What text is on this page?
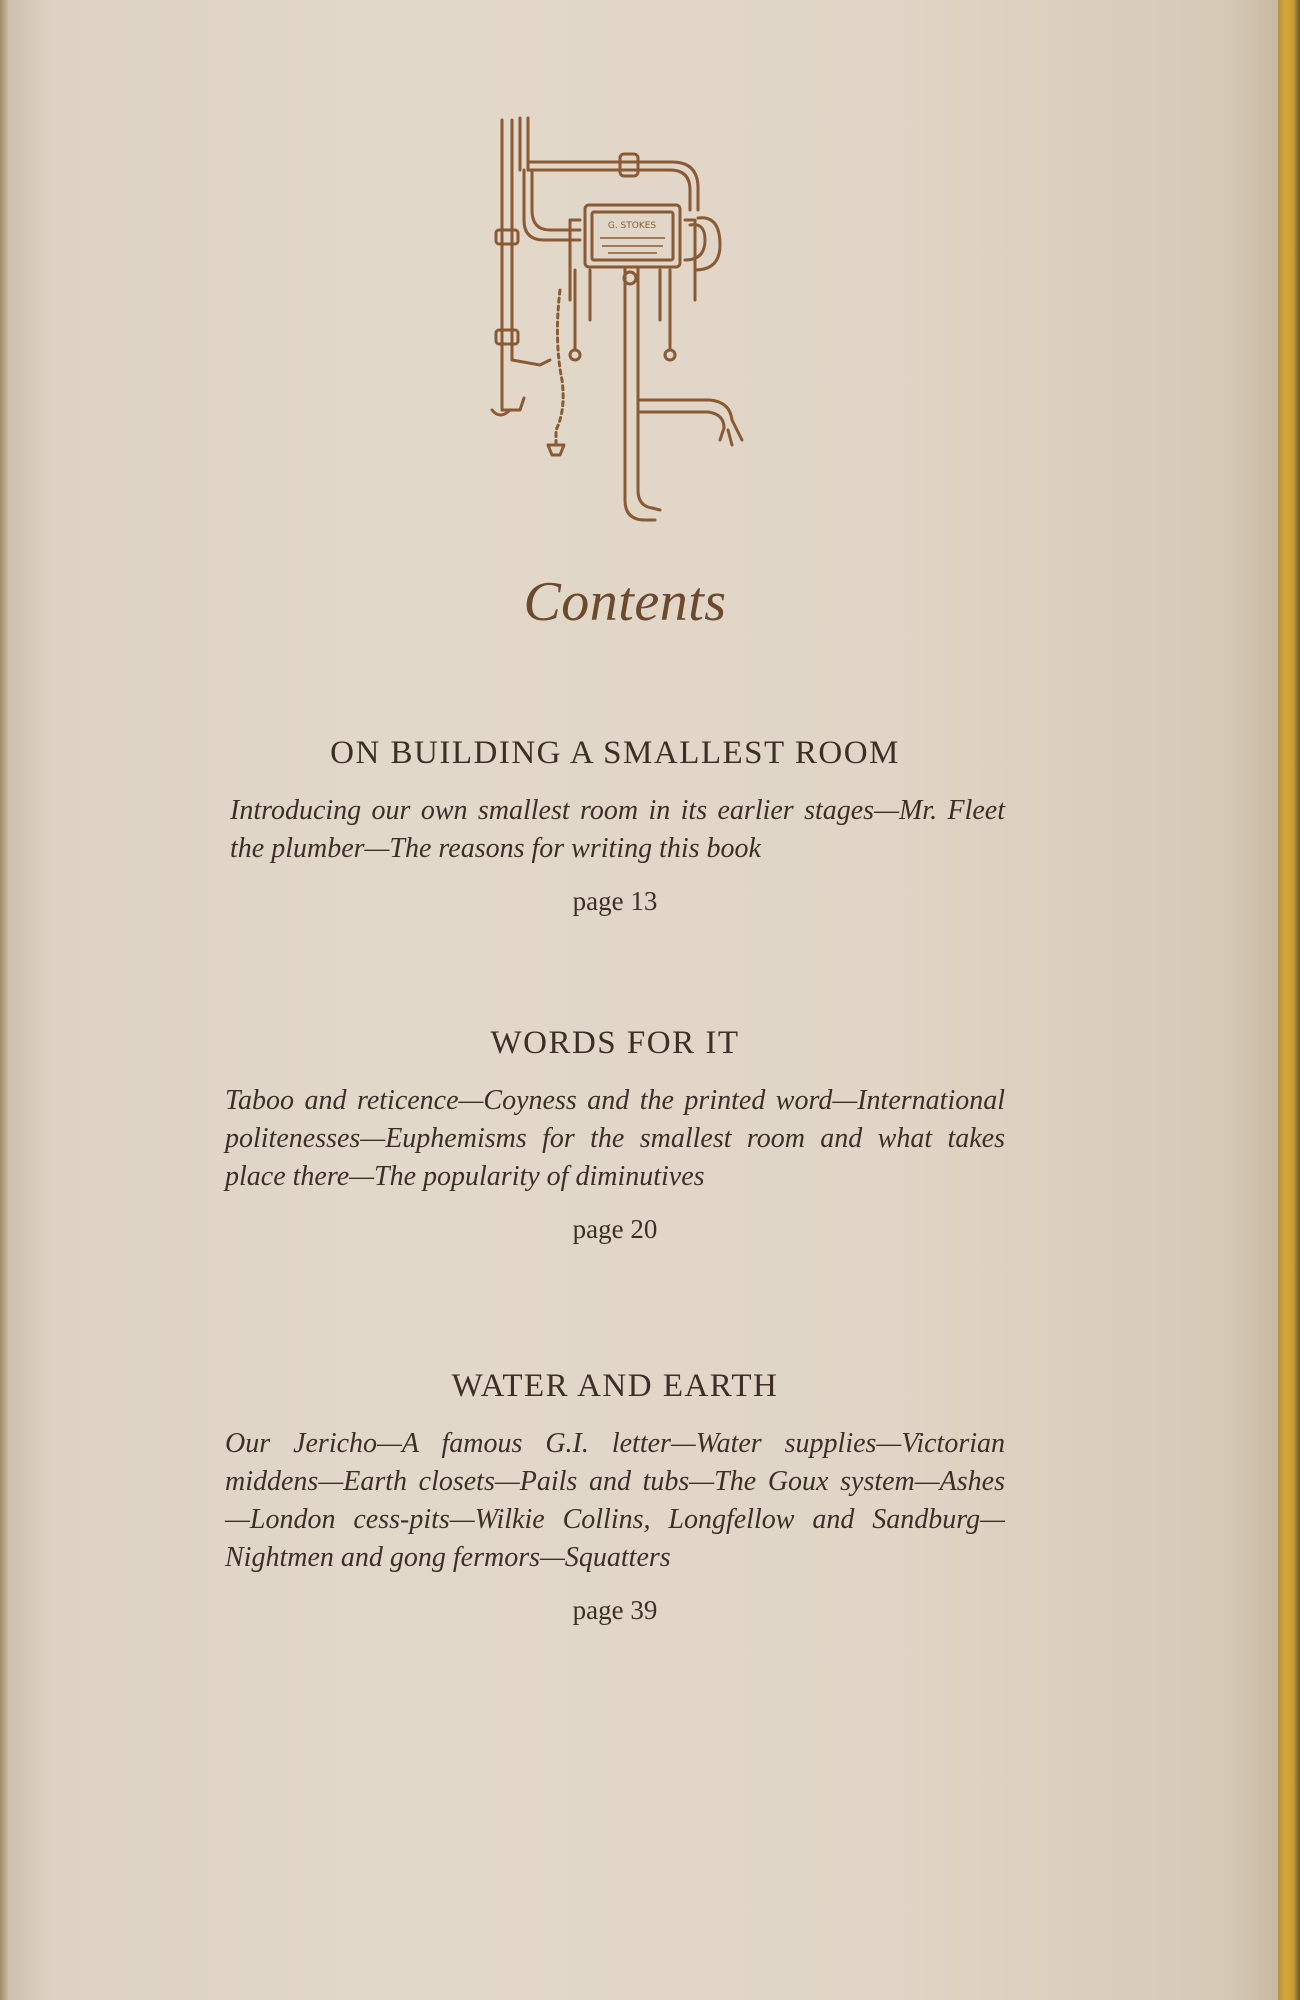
G. STOKES
Contents
ON BUILDING A SMALLEST ROOM

Introducing our own smallest room in its earlier stages—Mr. Fleet the plumber—The reasons for writing this book

page 13
WORDS FOR IT

Taboo and reticence—Coyness and the printed word—International politenesses—Euphemisms for the smallest room and what takes place there—The popularity of diminutives

page 20
WATER AND EARTH

Our Jericho—A famous G.I. letter—Water supplies—Victorian middens—Earth closets—Pails and tubs—The Goux system—Ashes—London cess-pits—Wilkie Collins, Longfellow and Sandburg—Nightmen and gong fermors—Squatters

page 39
